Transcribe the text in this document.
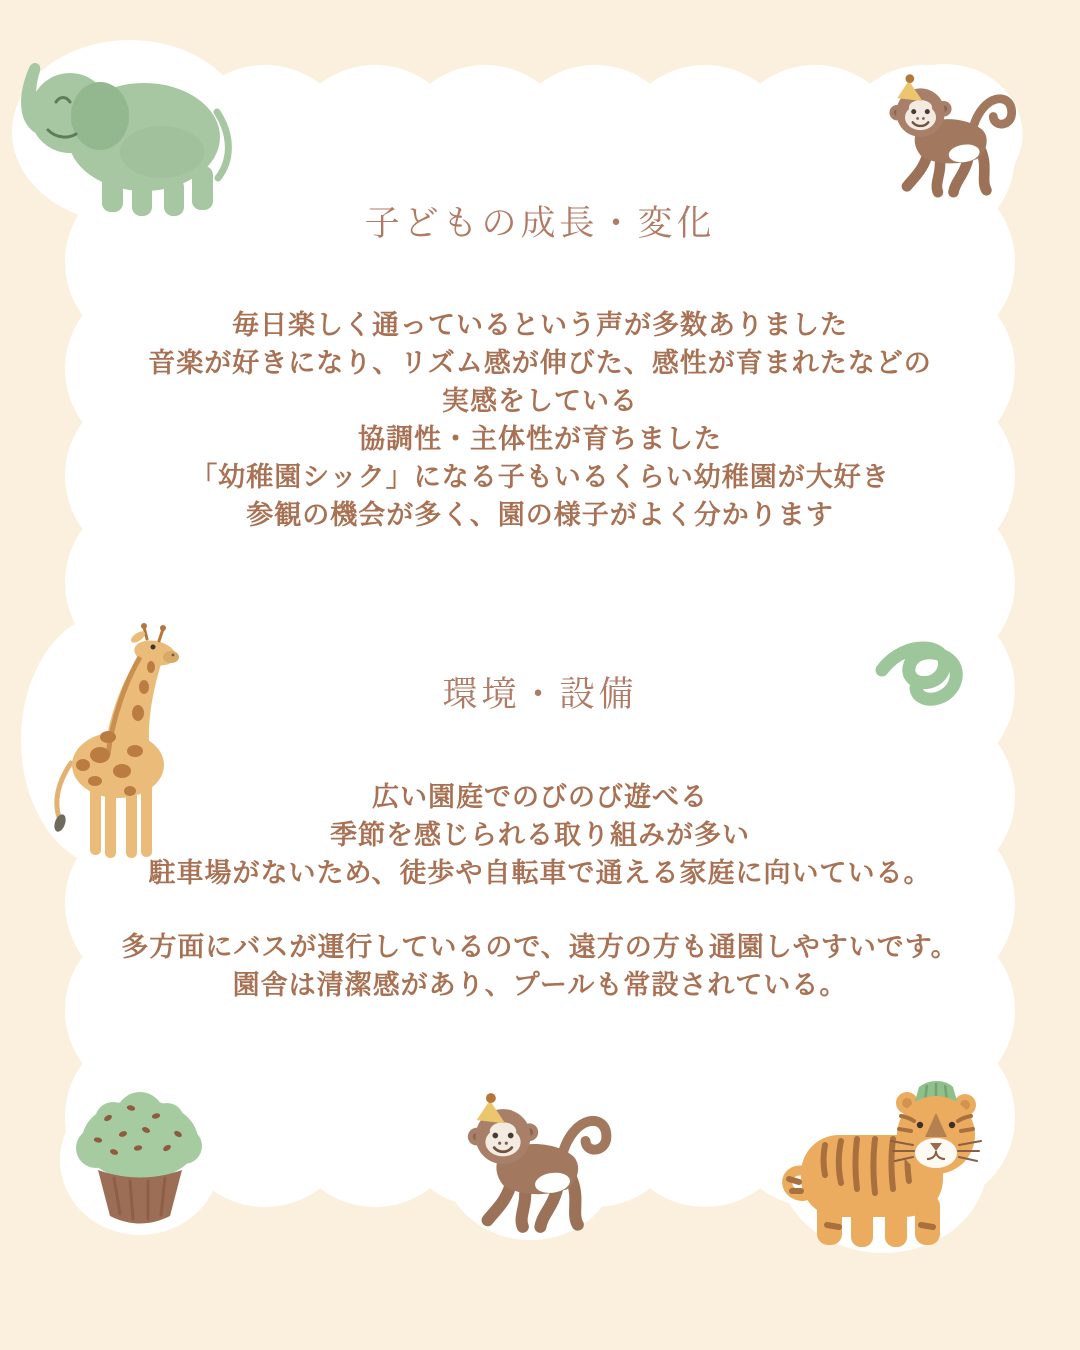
子どもの成長・変化
毎日楽しく通っているという声が多数ありました
音楽が好きになり、リズム感が伸びた、感性が育まれたなどの実感をしている
協調性・主体性が育ちました
「幼稚園シック」になる子もいるくらい幼稚園が大好き
参観の機会が多く、園の様子がよく分かります
環境・設備
広い園庭でのびのび遊べる
季節を感じられる取り組みが多い
駐車場がないため、徒歩や自転車で通える家庭に向いている。
多方面にバスが運行しているので、遠方の方も通園しやすいです。
園舎は清潔感があり、プールも常設されている。
